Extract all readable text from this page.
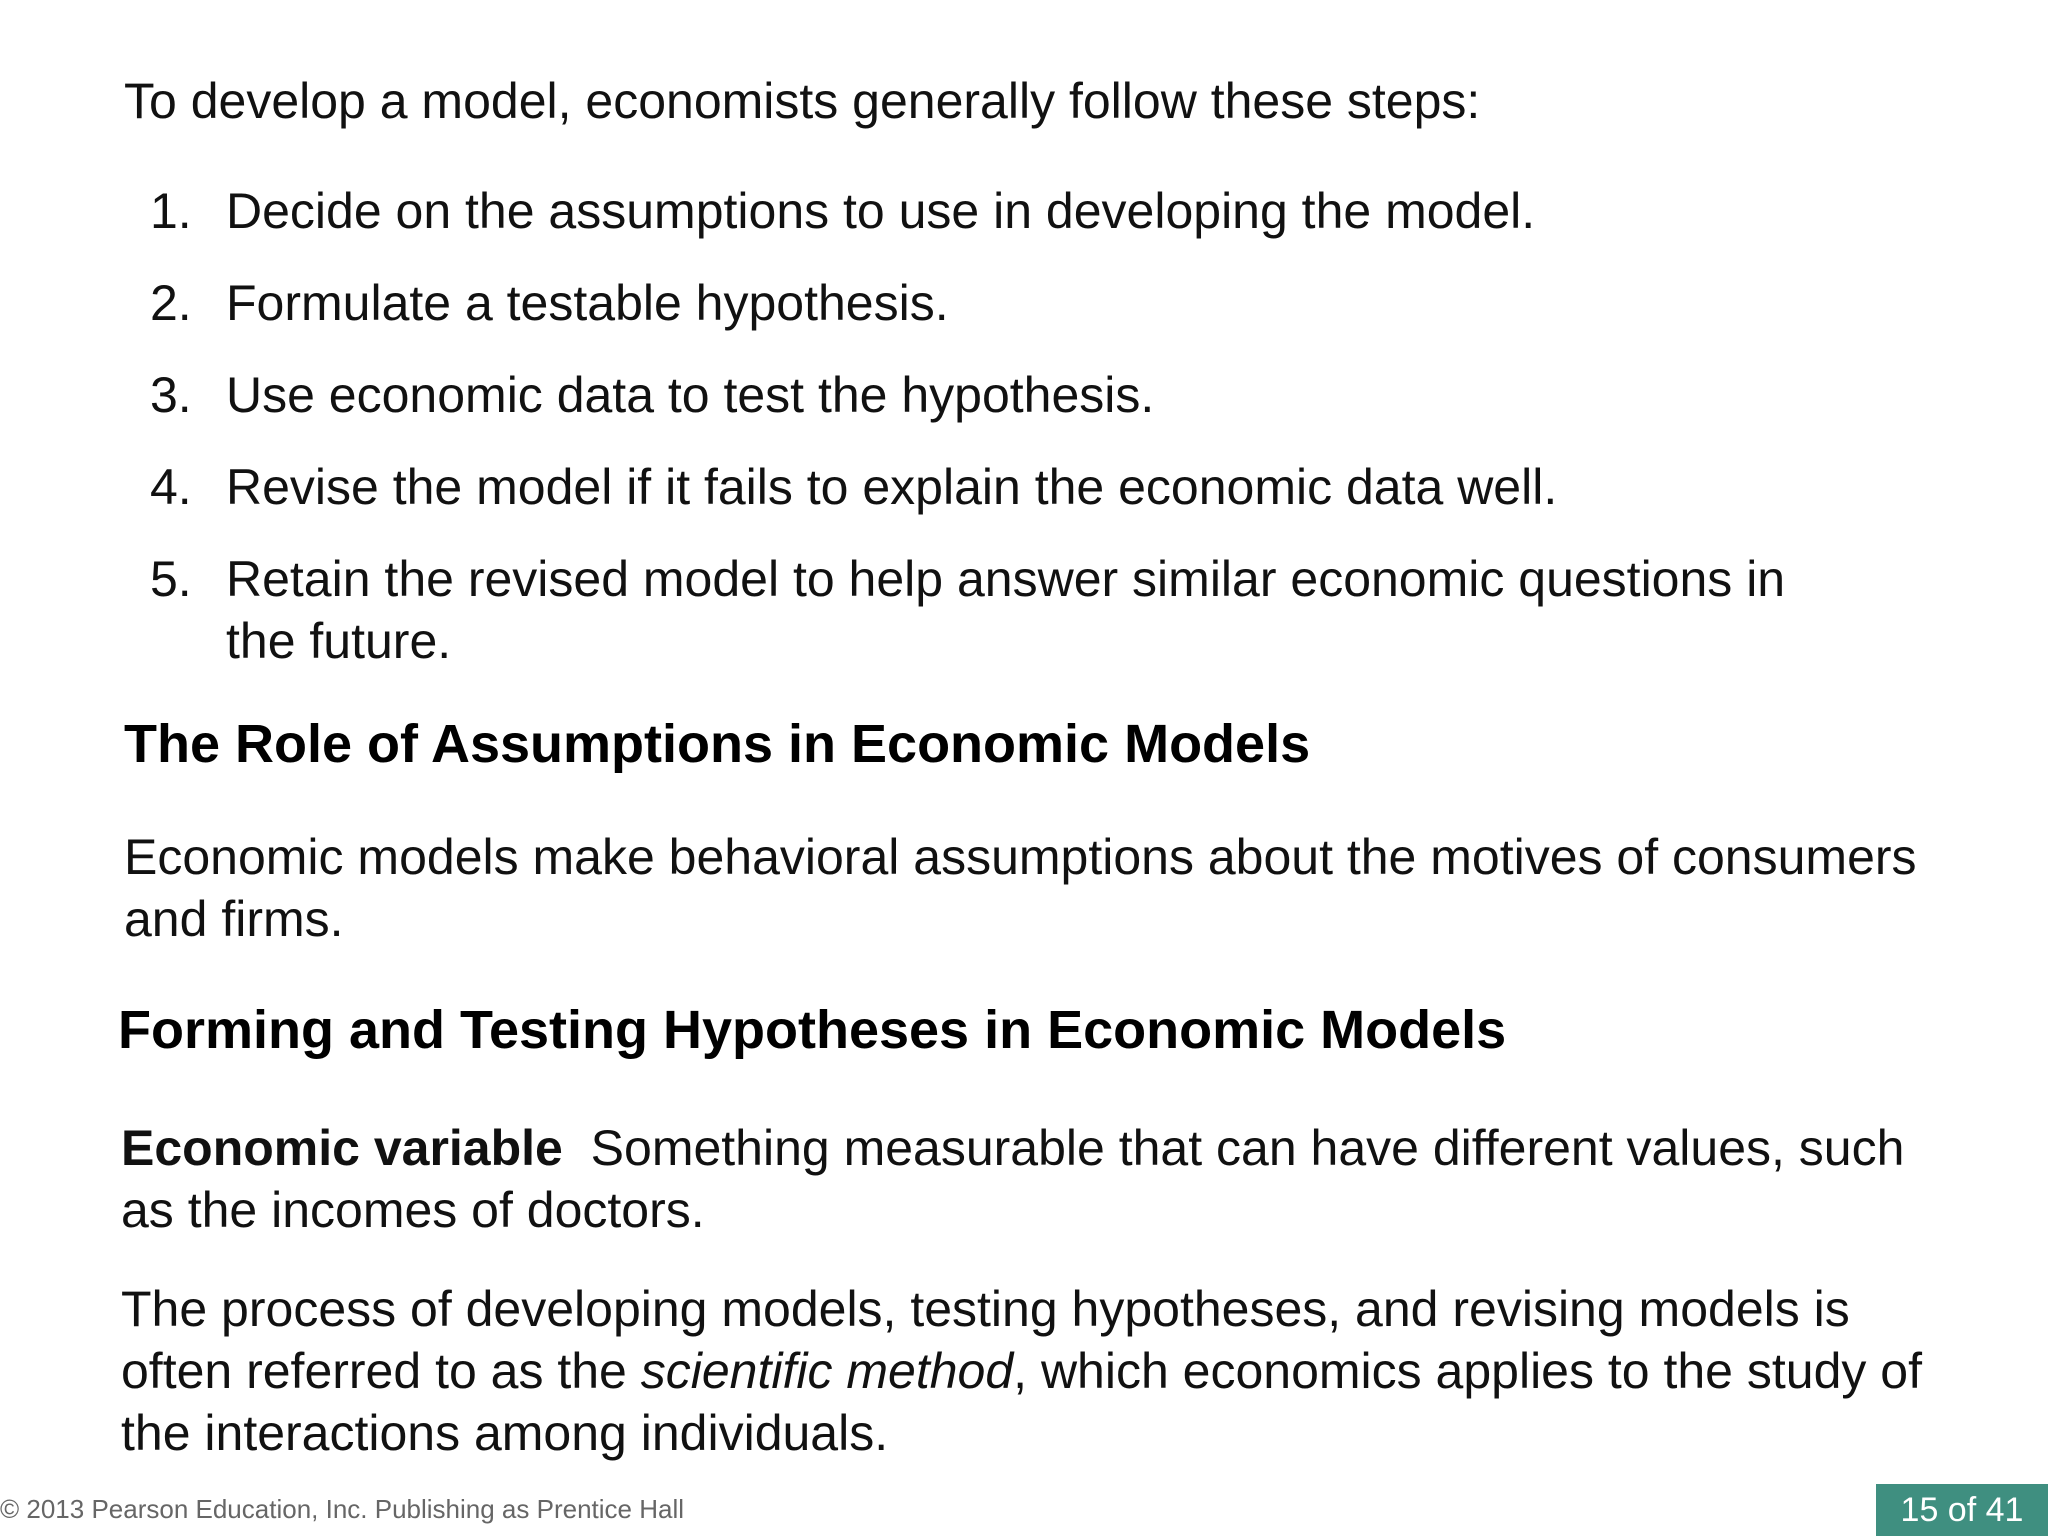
To develop a model, economists generally follow these steps:

1. Decide on the assumptions to use in developing the model.
2. Formulate a testable hypothesis.
3. Use economic data to test the hypothesis.
4. Revise the model if it fails to explain the economic data well.
5. Retain the revised model to help answer similar economic questions in the future.
The Role of Assumptions in Economic Models

Economic models make behavioral assumptions about the motives of consumers and firms.

Forming and Testing Hypotheses in Economic Models

Economic variable Something measurable that can have different values, such as the incomes of doctors.

The process of developing models, testing hypotheses, and revising models is often referred to as the scientific method, which economics applies to the study of the interactions among individuals.

© 2013 Pearson Education, Inc. Publishing as Prentice Hall	15 of 41
